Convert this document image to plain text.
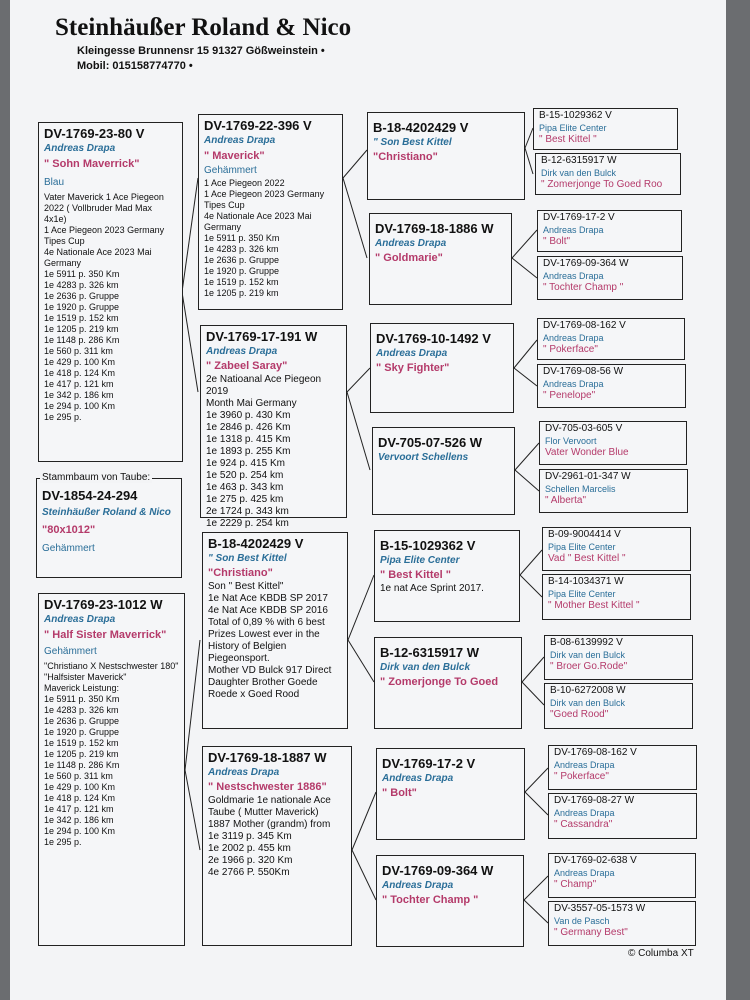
Steinhäußer Roland & Nico
Kleingesse Brunnensr 15 91327 Gößweinstein •
Mobil: 015158774770 •
DV-1769-23-80 V
Andreas Drapa
" Sohn Maverrick"
Blau
Vater Maverick 1 Ace Piegeon 2022 ( Vollbruder Mad Max 4x1e)
1 Ace Piegeon 2023 Germany Tipes Cup
4e Nationale Ace 2023 Mai Germany
1e 5911 p. 350 Km
1e 4283 p. 326 km
1e 2636 p. Gruppe
1e 1920 p. Gruppe
1e 1519 p. 152 km
1e 1205 p. 219 km
1e 1148 p. 286 Km
1e 560 p. 311 km
1e 429 p. 100 Km
1e 418 p. 124 Km
1e 417 p. 121 km
1e 342 p. 186 km
1e 294 p. 100 Km
1e 295 p.
DV-1854-24-294
Steinhäußer Roland & Nico
"80x1012"
Gehämmert
Stammbaum von Taube:
DV-1769-23-1012 W
Andreas Drapa
" Half Sister Maverrick"
Gehämmert
"Christiano X Nestschwester 180" "Halfsister Maverick"
Maverick Leistung:
1e 5911 p. 350 Km
1e 4283 p. 326 km
1e 2636 p. Gruppe
1e 1920 p. Gruppe
1e 1519 p. 152 km
1e 1205 p. 219 km
1e 1148 p. 286 Km
1e 560 p. 311 km
1e 429 p. 100 Km
1e 418 p. 124 Km
1e 417 p. 121 km
1e 342 p. 186 km
1e 294 p. 100 Km
1e 295 p.
DV-1769-22-396 V
Andreas Drapa
" Maverick"
Gehämmert
1 Ace Piegeon 2022
1 Ace Piegeon 2023 Germany Tipes Cup
4e Nationale Ace 2023 Mai Germany
1e 5911 p. 350 Km
1e 4283 p. 326 km
1e 2636 p. Gruppe
1e 1920 p. Gruppe
1e 1519 p. 152 km
1e 1205 p. 219 km
DV-1769-17-191 W
Andreas Drapa
" Zabeel Saray"
2e Natioanal Ace Piegeon 2019
Month Mai Germany
1e 3960 p. 430 Km
1e 2846 p. 426 Km
1e 1318 p. 415 Km
1e 1893 p. 255 Km
1e 924 p. 415 Km
1e 520 p. 254 km
1e 463 p. 343 km
1e 275 p. 425 km
2e 1724 p. 343 km
1e 2229 p. 254 km
B-18-4202429 V
" Son Best Kittel
"Christiano"
Son " Best Kittel"
1e Nat Ace KBDB SP 2017
4e Nat Ace KBDB SP 2016
Total of 0,89 % with 6 best Prizes Lowest ever in the History of Belgien Piegeonsport.
Mother VD Bulck 917 Direct Daughter Brother Goede Roede x Goed Rood
DV-1769-18-1887 W
Andreas Drapa
" Nestschwester 1886"
Goldmarie 1e nationale Ace Taube ( Mutter Maverick)
1887 Mother (grandm) from
1e 3119 p. 345 Km
1e 2002 p. 455 km
2e 1966 p. 320 Km
4e 2766 P. 550Km
B-18-4202429 V
" Son Best Kittel
"Christiano"
DV-1769-18-1886 W
Andreas Drapa
" Goldmarie"
DV-1769-10-1492 V
Andreas Drapa
" Sky Fighter"
DV-705-07-526 W
Vervoort Schellens
B-15-1029362 V
Pipa Elite Center
" Best Kittel "
1e nat Ace Sprint 2017.
B-12-6315917 W
Dirk van den Bulck
" Zomerjonge To Goed
DV-1769-17-2 V
Andreas Drapa
" Bolt"
DV-1769-09-364 W
Andreas Drapa
" Tochter Champ "
B-15-1029362 V
Pipa Elite Center
" Best Kittel "
B-12-6315917 W
Dirk van den Bulck
" Zomerjonge To Goed Roo
DV-1769-17-2 V
Andreas Drapa
" Bolt"
DV-1769-09-364 W
Andreas Drapa
" Tochter Champ "
DV-1769-08-162 V
Andreas Drapa
" Pokerface"
DV-1769-08-56 W
Andreas Drapa
" Penelope"
DV-705-03-605 V
Flor Vervoort
Vater Wonder Blue
DV-2961-01-347 W
Schellen Marcelis
" Alberta"
B-09-9004414 V
Pipa Elite Center
Vad " Best Kittel "
B-14-1034371 W
Pipa Elite Center
" Mother Best Kittel "
B-08-6139992 V
Dirk van den Bulck
" Broer Go.Rode"
B-10-6272008 W
Dirk van den Bulck
"Goed Rood"
DV-1769-08-162 V
Andreas Drapa
" Pokerface"
DV-1769-08-27 W
Andreas Drapa
" Cassandra"
DV-1769-02-638 V
Andreas Drapa
" Champ"
DV-3557-05-1573 W
Van de Pasch
" Germany Best"
© Columba XT
